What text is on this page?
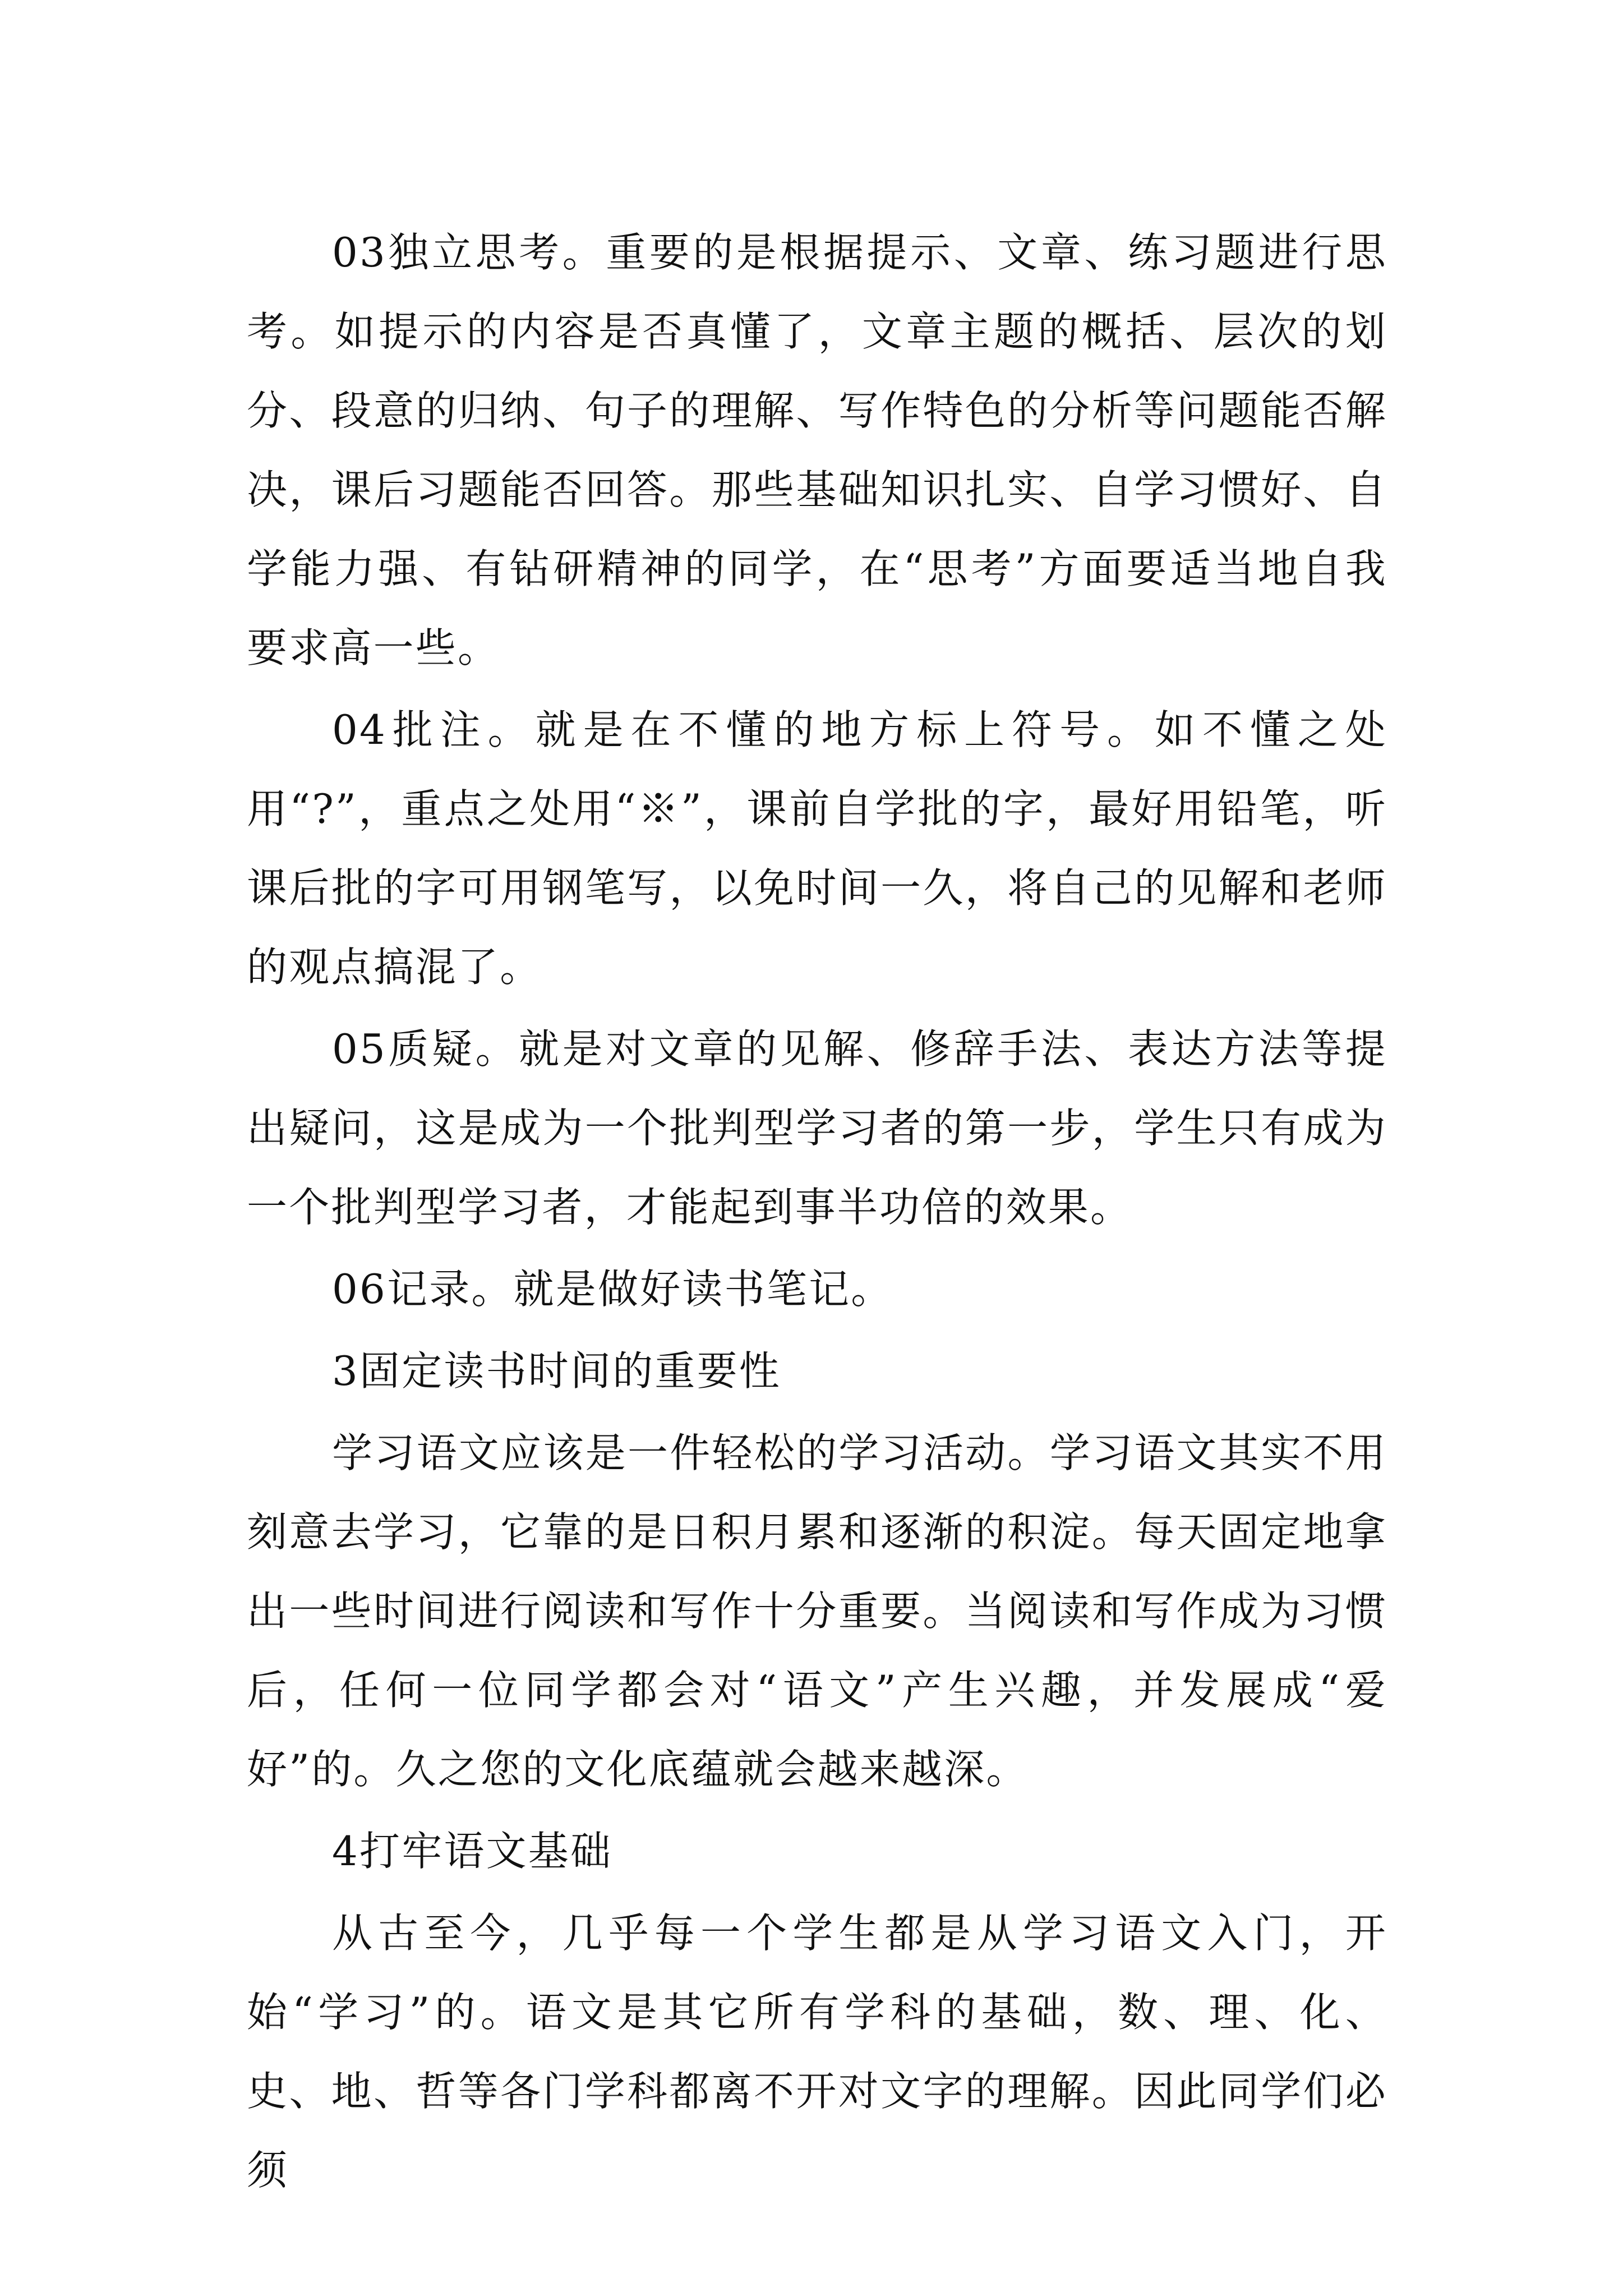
03独立思考。重要的是根据提示、文章、练习题进行思考。如提示的内容是否真懂了，文章主题的概括、层次的划分、段意的归纳、句子的理解、写作特色的分析等问题能否解决，课后习题能否回答。那些基础知识扎实、自学习惯好、自学能力强、有钻研精神的同学，在“思考”方面要适当地自我要求高一些。

04批注。就是在不懂的地方标上符号。如不懂之处用“?”，重点之处用“※”，课前自学批的字，最好用铅笔，听课后批的字可用钢笔写，以免时间一久，将自己的见解和老师的观点搞混了。

05质疑。就是对文章的见解、修辞手法、表达方法等提出疑问，这是成为一个批判型学习者的第一步，学生只有成为一个批判型学习者，才能起到事半功倍的效果。

06记录。就是做好读书笔记。

3固定读书时间的重要性

学习语文应该是一件轻松的学习活动。学习语文其实不用刻意去学习，它靠的是日积月累和逐渐的积淀。每天固定地拿出一些时间进行阅读和写作十分重要。当阅读和写作成为习惯后，任何一位同学都会对“语文”产生兴趣，并发展成“爱好”的。久之您的文化底蕴就会越来越深。

4打牢语文基础

从古至今，几乎每一个学生都是从学习语文入门，开始“学习”的。语文是其它所有学科的基础，数、理、化、史、地、哲等各门学科都离不开对文字的理解。因此同学们必须
